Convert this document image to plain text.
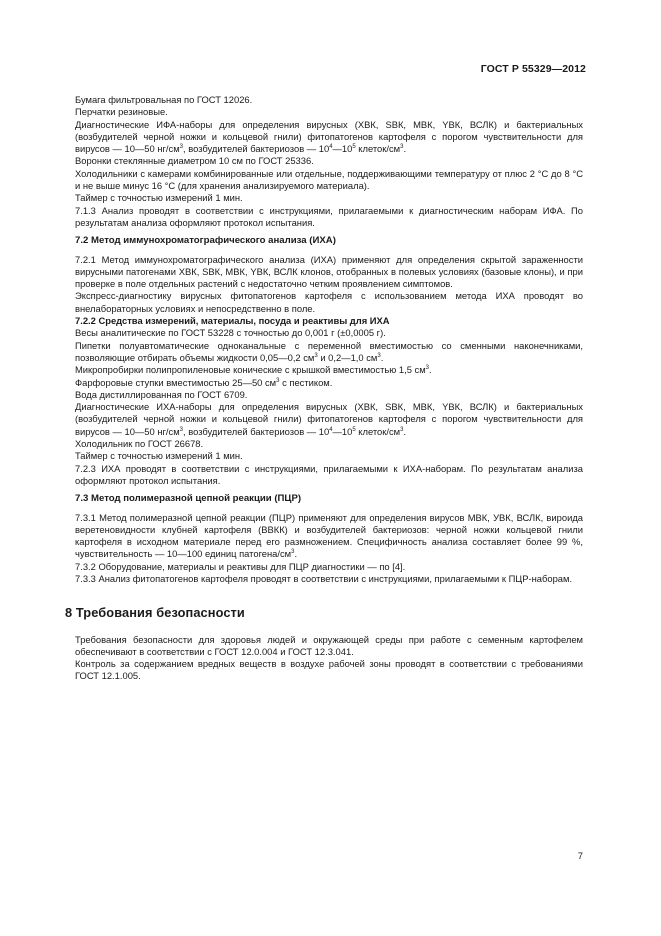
ГОСТ Р 55329—2012

Бумага фильтровальная по ГОСТ 12026.

Перчатки резиновые.

Диагностические ИФА-наборы для определения вирусных (ХВК, SВК, МВК, YВК, ВСЛК) и бактериальных (возбудителей черной ножки и кольцевой гнили) фитопатогенов картофеля с порогом чувствительности для вирусов — 10—50 $нг/см^3$, возбудителей бактериозов — $10^4—10^5$ клеток/$см^3$.

Воронки стеклянные диаметром 10 см по ГОСТ 25336.

Холодильники с камерами комбинированные или отдельные, поддерживающими температуру от плюс 2 °С до 8 °С и не выше минус 16 °С (для хранения анализируемого материала).

Таймер с точностью измерений 1 мин.

7.1.3 Анализ проводят в соответствии с инструкциями, прилагаемыми к диагностическим наборам ИФА. По результатам анализа оформляют протокол испытания.

7.2 Метод иммунохроматографического анализа (ИХА)

7.2.1 Метод иммунохроматографического анализа (ИХА) применяют для определения скрытой зараженности вирусными патогенами ХВК, SВК, МВК, YВК, ВСЛК клонов, отобранных в полевых условиях (базовые клоны), и при проверке в поле отдельных растений с недостаточно четким проявлением симптомов.

Экспресс-диагностику вирусных фитопатогенов картофеля с использованием метода ИХА проводят во внелабораторных условиях и непосредственно в поле.

7.2.2 Средства измерений, материалы, посуда и реактивы для ИХА

Весы аналитические по ГОСТ 53228 с точностью до 0,001 г (±0,0005 г).

Пипетки полуавтоматические одноканальные с переменной вместимостью со сменными наконечниками, позволяющие отбирать объемы жидкости 0,05—0,2 $см^3$ и 0,2—1,0 $см^3$.

Микропробирки полипропиленовые конические с крышкой вместимостью 1,5 $см^3$.

Фарфоровые ступки вместимостью 25—50 $см^3$ с пестиком.

Вода дистиллированная по ГОСТ 6709.

Диагностические ИХА-наборы для определения вирусных (ХВК, SВК, МВК, YВК, ВСЛК) и бактериальных (возбудителей черной ножки и кольцевой гнили) фитопатогенов картофеля с порогом чувствительности для вирусов — 10—50 $нг/см^3$, возбудителей бактериозов — $10^4—10^5$ клеток/$см^3$.

Холодильник по ГОСТ 26678.

Таймер с точностью измерений 1 мин.

7.2.3 ИХА проводят в соответствии с инструкциями, прилагаемыми к ИХА-наборам. По результатам анализа оформляют протокол испытания.

7.3 Метод полимеразной цепной реакции (ПЦР)

7.3.1 Метод полимеразной цепной реакции (ПЦР) применяют для определения вирусов МВК, УВК, ВСЛК, вироида веретеновидности клубней картофеля (ВВКК) и возбудителей бактериозов: черной ножки кольцевой гнили картофеля в исходном материале перед его размножением. Специфичность анализа составляет более 99 %, чувствительность — 10—100 единиц патогена/$см^3$.

7.3.2 Оборудование, материалы и реактивы для ПЦР диагностики — по [4].

7.3.3 Анализ фитопатогенов картофеля проводят в соответствии с инструкциями, прилагаемыми к ПЦР-наборам.

8 Требования безопасности

Требования безопасности для здоровья людей и окружающей среды при работе с семенным картофелем обеспечивают в соответствии с ГОСТ 12.0.004 и ГОСТ 12.3.041.

Контроль за содержанием вредных веществ в воздухе рабочей зоны проводят в соответствии с требованиями ГОСТ 12.1.005.

7
